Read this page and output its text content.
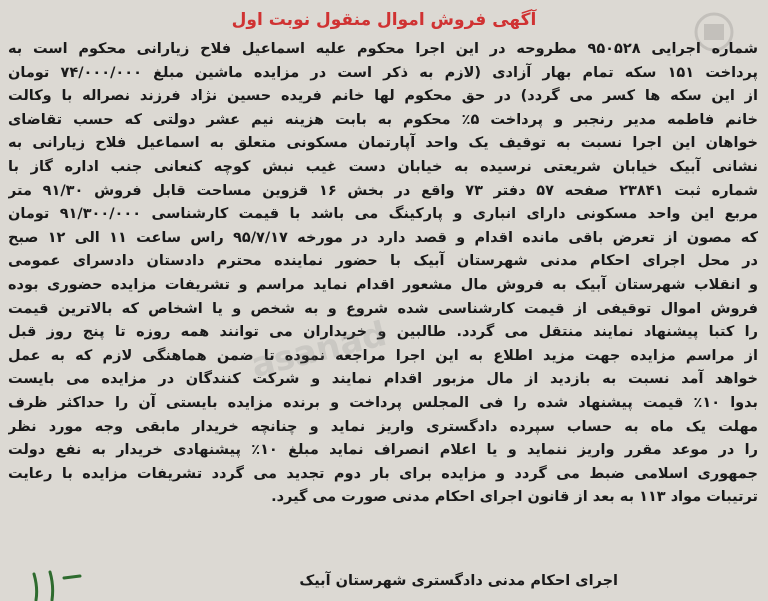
آگهی فروش اموال منقول نوبت اول
شماره اجرایی ۹۵۰۵۲۸ مطروحه در این اجرا محکوم علیه اسماعیل فلاح زیارانی محکوم است به
پرداخت ۱۵۱ سکه تمام بهار آزادی (لازم به ذکر است در مزایده ماشین مبلغ ۷۴/۰۰۰/۰۰۰ تومان
از این سکه ها کسر می گردد) در حق محکوم لها خانم فریده حسین نژاد فرزند نصراله با وکالت
خانم فاطمه مدیر رنجبر و پرداخت ۵٪ محکوم به بابت هزینه نیم عشر دولتی که حسب تقاضای
خواهان این اجرا نسبت به توقیف یک واحد آپارتمان مسکونی متعلق به اسماعیل فلاح زیارانی به
نشانی آبیک خیابان شریعتی نرسیده به خیابان دست غیب نبش کوچه کنعانی جنب اداره گاز با
شماره ثبت ۲۳۸۴۱ صفحه ۵۷ دفتر ۷۳ واقع در بخش ۱۶ قزوین مساحت قابل فروش ۹۱/۳۰ متر
مربع این واحد مسکونی دارای انباری و پارکینگ می باشد با قیمت کارشناسی ۹۱/۳۰۰/۰۰۰ تومان
که مصون از تعرض باقی مانده اقدام و قصد دارد در مورخه ۹۵/۷/۱۷ راس ساعت ۱۱ الی ۱۲ صبح
در محل اجرای احکام مدنی شهرستان آبیک با حضور نماینده محترم دادستان دادسرای عمومی
و انقلاب شهرستان آبیک به فروش مال مشعور اقدام نماید مراسم و تشریفات مزایده حضوری بوده
فروش اموال توقیفی از قیمت کارشناسی شده شروع و به شخص و یا اشخاص که بالاترین قیمت
را کتبا پیشنهاد نمایند منتقل می گردد. طالبین و خریداران می توانند همه روزه تا پنج روز قبل
از مراسم مزایده جهت مزید اطلاع به این اجرا مراجعه نموده تا ضمن هماهنگی لازم که به عمل
خواهد آمد نسبت به بازدید از مال مزبور اقدام نمایند و شرکت کنندگان در مزایده می بایست
بدوا ۱۰٪ قیمت پیشنهاد شده را فی المجلس پرداخت و برنده مزایده بایستی آن را حداکثر ظرف
مهلت یک ماه به حساب سپرده دادگستری واریز نماید و چنانچه خریدار مابقی وجه مورد نظر
را در موعد مقرر واریز ننماید و یا اعلام انصراف نماید مبلغ ۱۰٪ پیشنهادی خریدار به نفع دولت
جمهوری اسلامی ضبط می گردد و مزایده برای بار دوم تجدید می گردد تشریفات مزایده با رعایت
ترتیبات مواد ۱۱۳ به بعد از قانون اجرای احکام مدنی صورت می گیرد.
asanad
اجرای احکام مدنی دادگستری شهرستان آبیک
